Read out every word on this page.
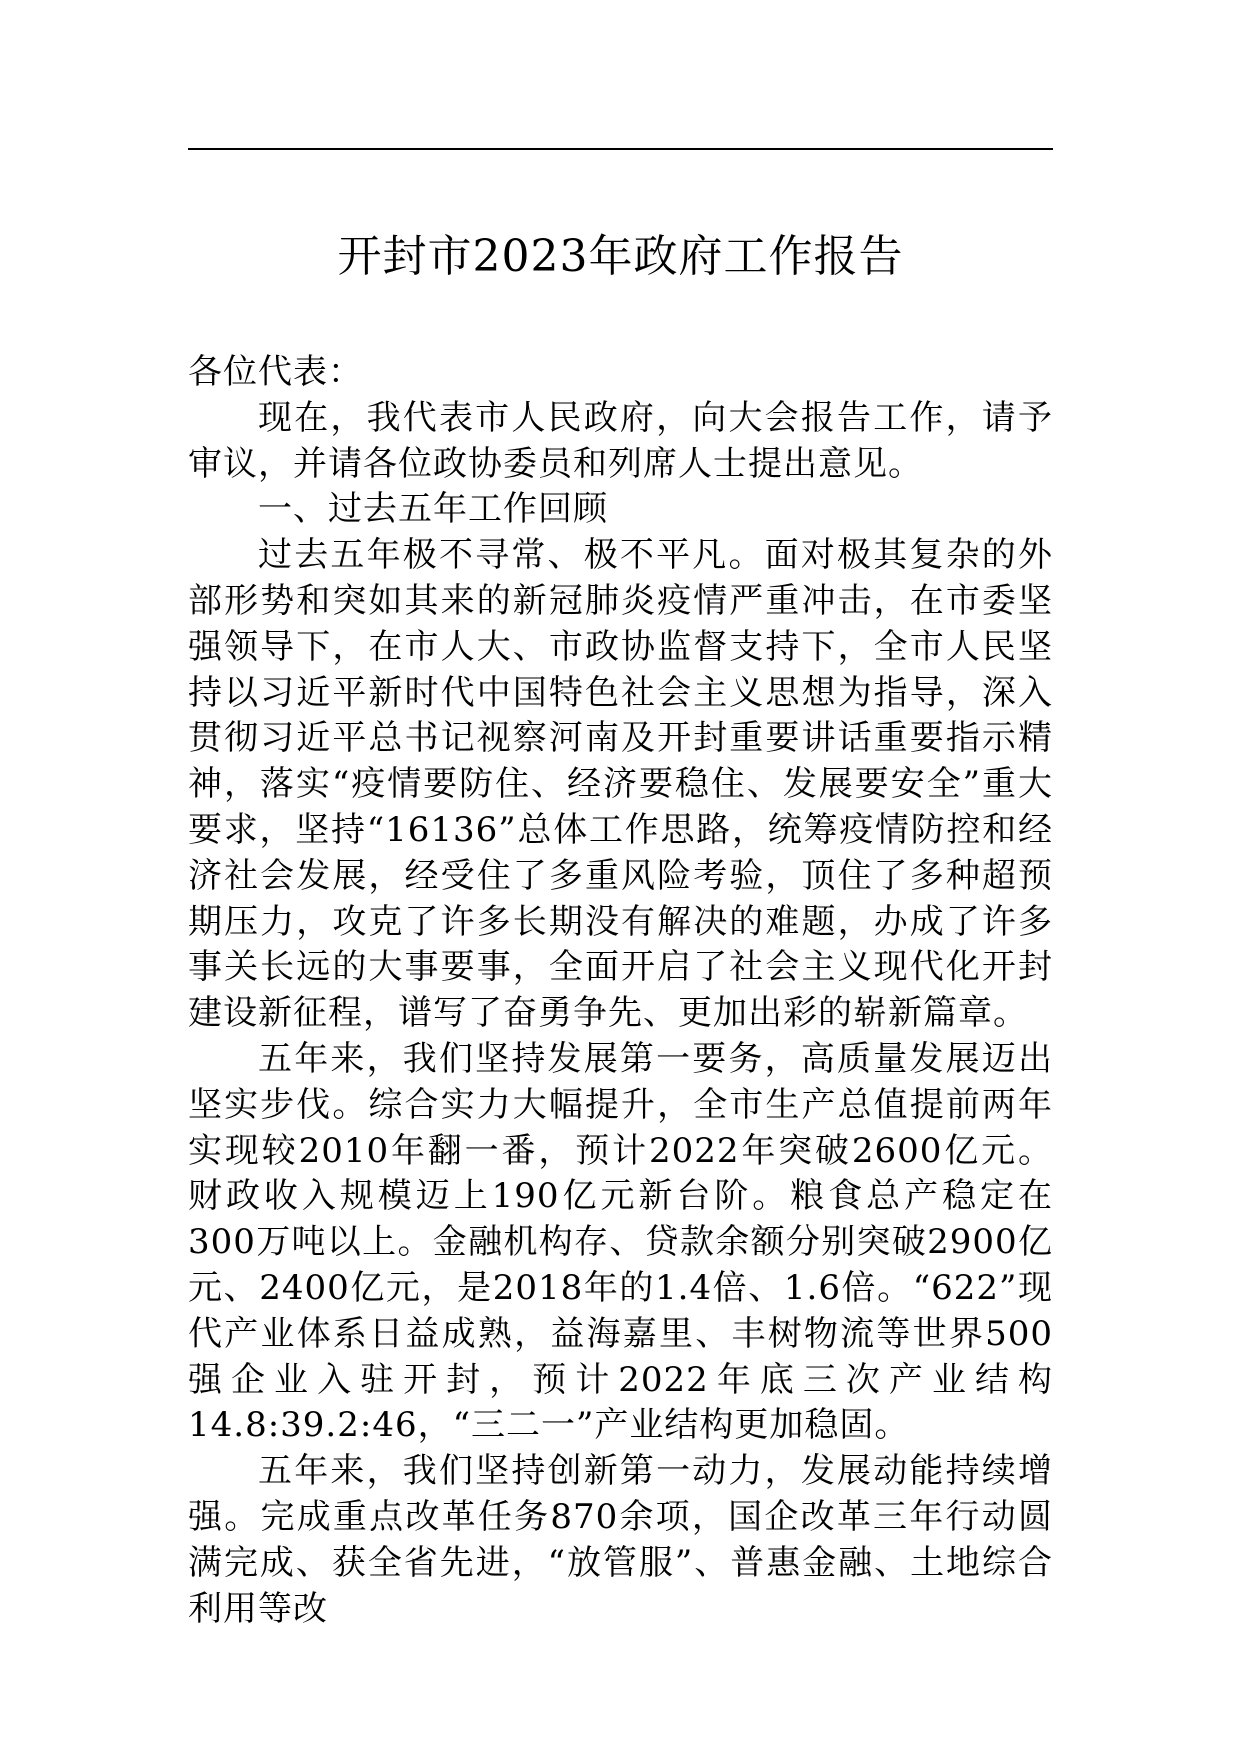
开封市2023年政府工作报告

各位代表：

现在，我代表市人民政府，向大会报告工作，请予审议，并请各位政协委员和列席人士提出意见。

一、过去五年工作回顾

过去五年极不寻常、极不平凡。面对极其复杂的外部形势和突如其来的新冠肺炎疫情严重冲击，在市委坚强领导下，在市人大、市政协监督支持下，全市人民坚持以习近平新时代中国特色社会主义思想为指导，深入贯彻习近平总书记视察河南及开封重要讲话重要指示精神，落实“疫情要防住、经济要稳住、发展要安全”重大要求，坚持“16136”总体工作思路，统筹疫情防控和经济社会发展，经受住了多重风险考验，顶住了多种超预期压力，攻克了许多长期没有解决的难题，办成了许多事关长远的大事要事，全面开启了社会主义现代化开封建设新征程，谱写了奋勇争先、更加出彩的崭新篇章。

五年来，我们坚持发展第一要务，高质量发展迈出坚实步伐。综合实力大幅提升，全市生产总值提前两年实现较2010年翻一番，预计2022年突破2600亿元。财政收入规模迈上190亿元新台阶。粮食总产稳定在300万吨以上。金融机构存、贷款余额分别突破2900亿元、2400亿元，是2018年的1.4倍、1.6倍。“622”现代产业体系日益成熟，益海嘉里、丰树物流等世界500强企业入驻开封，预计2022年底三次产业结构14.8:39.2:46，“三二一”产业结构更加稳固。

五年来，我们坚持创新第一动力，发展动能持续增强。完成重点改革任务870余项，国企改革三年行动圆满完成、获全省先进，“放管服”、普惠金融、土地综合利用等改
